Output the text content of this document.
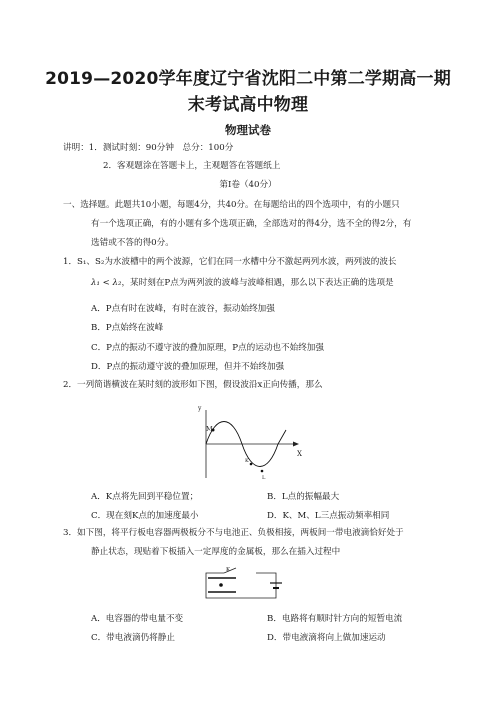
2019—2020学年度辽宁省沈阳二中第二学期高一期
末考试高中物理
物理试卷
讲明：1．测试时刻：90分钟　总分：100分
2．客观题涂在答题卡上，主观题答在答题纸上
第Ⅰ卷（40分）
一、选择题。此题共10小题，每题4分，共40分。在每题给出的四个选项中，有的小题只
有一个选项正确，有的小题有多个选项正确，全部选对的得4分，选不全的得2分，有
选错或不答的得0分。
1．S₁、S₂为水波槽中的两个波源，它们在同一水槽中分不激起两列水波，两列波的波长
λ₁ < λ₂，某时刻在P点为两列波的波峰与波峰相遇，那么以下表达正确的选项是
A．P点有时在波峰，有时在波谷，振动始终加强
B．P点始终在波峰
C．P点的振动不遵守波的叠加原理，P点的运动也不始终加强
D．P点的振动遵守波的叠加原理，但并不始终加强
2．一列简谐横波在某时刻的波形如下图，假设波沿x正向传播，那么
y
X
M
K
L
A．K点将先回到平稳位置；	B．L点的振幅最大
C．现在刻K点的加速度最小	D．K、M、L三点振动频率相同
3．如下图，将平行板电容器两极板分不与电池正、负极相接，两板间一带电液滴恰好处于
静止状态，现贴着下板插入一定厚度的金属板，那么在插入过程中
K
A．电容器的带电量不变	B．电路将有顺时针方向的短暂电流
C．带电液滴仍将静止	D．带电液滴将向上做加速运动
